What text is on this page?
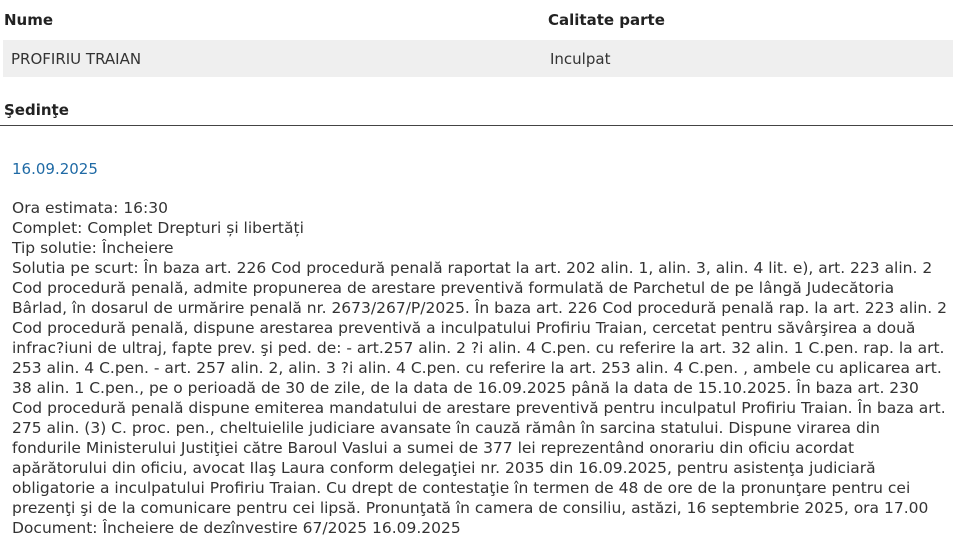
Nume	Calitate parte
PROFIRIU TRAIAN	Inculpat
Şedinţe
16.09.2025
Ora estimata: 16:30
Complet: Complet Drepturi și libertăți
Tip solutie: Încheiere
Solutia pe scurt: În baza art. 226 Cod procedură penală raportat la art. 202 alin. 1, alin. 3, alin. 4 lit. e), art. 223 alin. 2 Cod procedură penală, admite propunerea de arestare preventivă formulată de Parchetul de pe lângă Judecătoria Bârlad, în dosarul de urmărire penală nr. 2673/267/P/2025. În baza art. 226 Cod procedură penală rap. la art. 223 alin. 2 Cod procedură penală, dispune arestarea preventivă a inculpatului Profiriu Traian, cercetat pentru săvârşirea a două infrac?iuni de ultraj, fapte prev. şi ped. de: - art.257 alin. 2 ?i alin. 4 C.pen. cu referire la art. 32 alin. 1 C.pen. rap. la art. 253 alin. 4 C.pen. - art. 257 alin. 2, alin. 3 ?i alin. 4 C.pen. cu referire la art. 253 alin. 4 C.pen. , ambele cu aplicarea art. 38 alin. 1 C.pen., pe o perioadă de 30 de zile, de la data de 16.09.2025 până la data de 15.10.2025. În baza art. 230 Cod procedură penală dispune emiterea mandatului de arestare preventivă pentru inculpatul Profiriu Traian. În baza art. 275 alin. (3) C. proc. pen., cheltuielile judiciare avansate în cauză rămân în sarcina statului. Dispune virarea din fondurile Ministerului Justiţiei către Baroul Vaslui a sumei de 377 lei reprezentând onorariu din oficiu acordat apărătorului din oficiu, avocat Ilaş Laura conform delegaţiei nr. 2035 din 16.09.2025, pentru asistenţa judiciară obligatorie a inculpatului Profiriu Traian. Cu drept de contestaţie în termen de 48 de ore de la pronunţare pentru cei prezenţi şi de la comunicare pentru cei lipsă. Pronunţată în camera de consiliu, astăzi, 16 septembrie 2025, ora 17.00
Document: Încheiere de dezînvestire 67/2025 16.09.2025
